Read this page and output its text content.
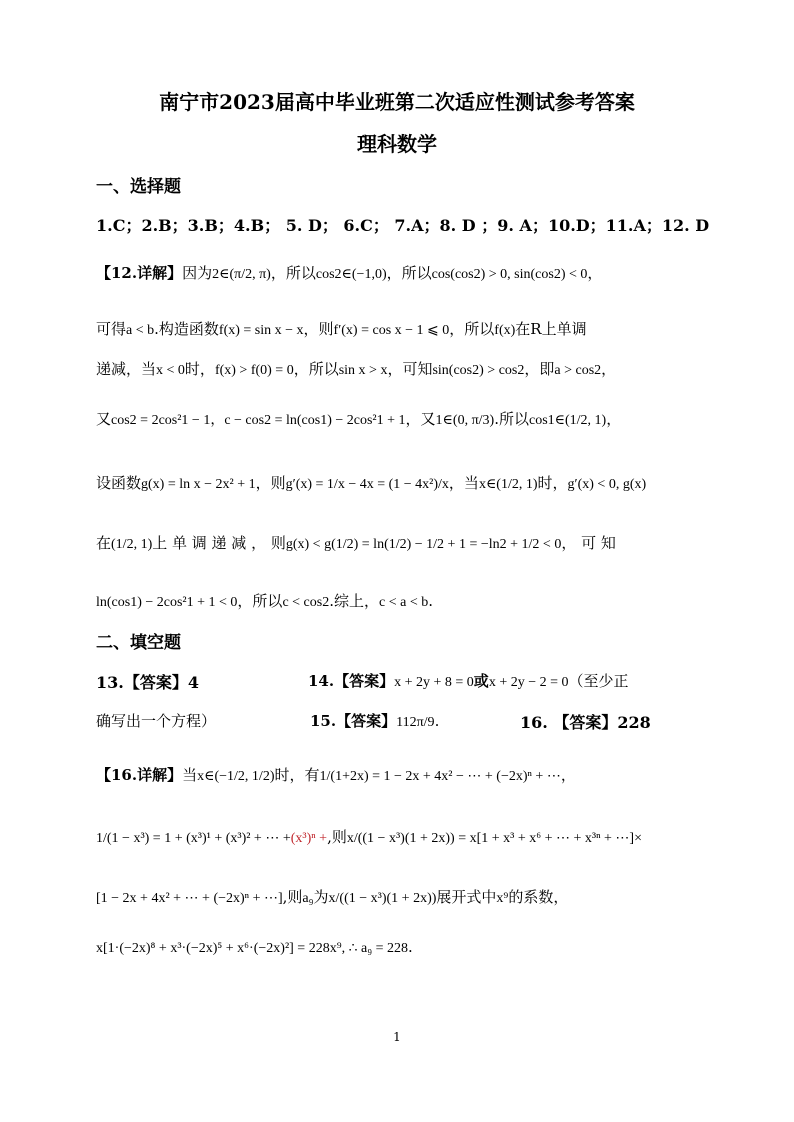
南宁市2023届高中毕业班第二次适应性测试参考答案
理科数学
一、选择题
1.C；2.B；3.B；4.B； 5. D； 6.C； 7.A；8. D ；9. A；10.D；11.A；12. D
【12.详解】因为2∈(π/2, π)，所以cos2∈(−1,0)，所以cos(cos2) > 0, sin(cos2) < 0，
可得a < b.构造函数f(x) = sin x − x，则f′(x) = cos x − 1 ⩽ 0，所以f(x)在R上单调
递减，当x < 0时，f(x) > f(0) = 0，所以sin x > x，可知sin(cos2) > cos2，即a > cos2，
又cos2 = 2cos²1 − 1，c − cos2 = ln(cos1) − 2cos²1 + 1，又1∈(0, π/3).所以cos1∈(1/2, 1)，
设函数g(x) = ln x − 2x² + 1，则g′(x) = 1/x − 4x = (1 − 4x²)/x，当x∈(1/2, 1)时，g′(x) < 0, g(x)
在(1/2, 1)上 单 调 递 减 ， 则g(x) < g(1/2) = ln(1/2) − 1/2 + 1 = −ln2 + 1/2 < 0， 可 知
ln(cos1) − 2cos²1 + 1 < 0，所以c < cos2.综上，c < a < b.
二、填空题
13.【答案】4	14.【答案】x + 2y + 8 = 0或x + 2y − 2 = 0（至少正
确写出一个方程）	15.【答案】112π/9.	16. 【答案】228
【16.详解】当x∈(−1/2, 1/2)时，有1/(1+2x) = 1 − 2x + 4x² − ⋯ + (−2x)ⁿ + ⋯，
1/(1 − x³) = 1 + (x³)¹ + (x³)² + ⋯ +(x³)ⁿ +,则x/((1 − x³)(1 + 2x)) = x[1 + x³ + x⁶ + ⋯ + x³ⁿ + ⋯]×
[1 − 2x + 4x² + ⋯ + (−2x)ⁿ + ⋯],则a₉为x/((1 − x³)(1 + 2x))展开式中x⁹的系数，
x[1·(−2x)⁸ + x³·(−2x)⁵ + x⁶·(−2x)²] = 228x⁹, ∴ a₉ = 228.
1
